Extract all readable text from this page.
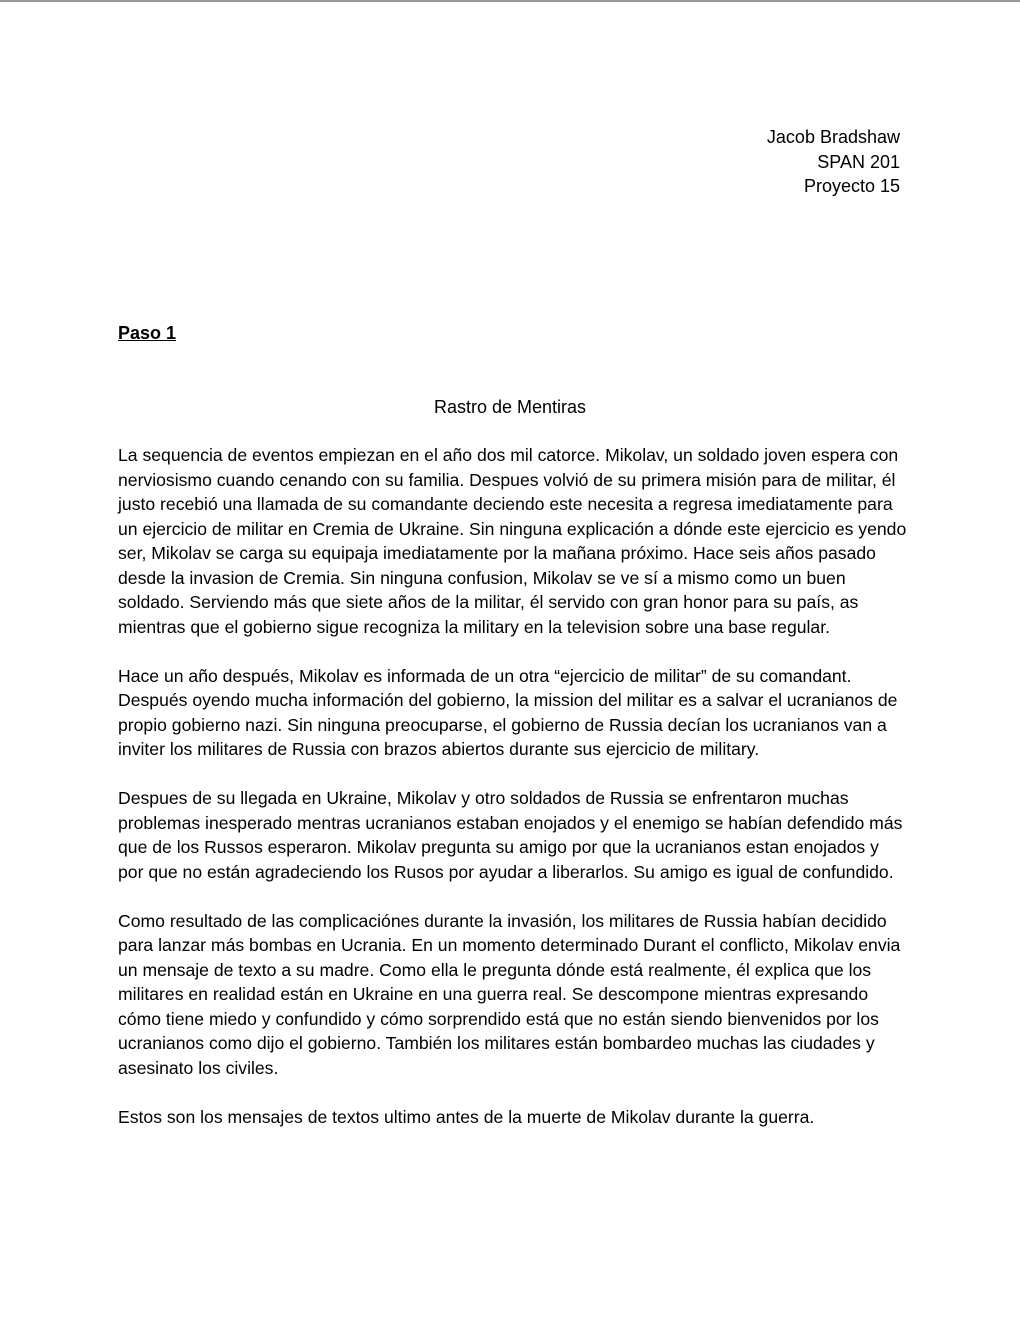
Jacob Bradshaw
SPAN 201
Proyecto 15
Paso 1
Rastro de Mentiras

La sequencia de eventos empiezan en el año dos mil catorce. Mikolav, un soldado joven espera con nerviosismo cuando cenando con su familia. Despues volvió de su primera misión para de militar, él justo recebió una llamada de su comandante deciendo este necesita a regresa imediatamente para un ejercicio de militar en Cremia de Ukraine. Sin ninguna explicación a dónde este ejercicio es yendo ser, Mikolav se carga su equipaja imediatamente por la mañana próximo. Hace seis años pasado desde la invasion de Cremia. Sin ninguna confusion, Mikolav se ve sí a mismo como un buen soldado. Serviendo más que siete años de la militar, él servido con gran honor para su país, as mientras que el gobierno sigue recogniza la military en la television sobre una base regular.

Hace un año después, Mikolav es informada de un otra “ejercicio de militar” de su comandant. Después oyendo mucha información del gobierno, la mission del militar es a salvar el ucranianos de propio gobierno nazi. Sin ninguna preocuparse, el gobierno de Russia decían los ucranianos van a inviter los militares de Russia con brazos abiertos durante sus ejercicio de military.

Despues de su llegada en Ukraine, Mikolav y otro soldados de Russia se enfrentaron muchas problemas inesperado mentras ucranianos estaban enojados y el enemigo se habían defendido más que de los Russos esperaron. Mikolav pregunta su amigo por que la ucranianos estan enojados y por que no están agradeciendo los Rusos por ayudar a liberarlos. Su amigo es igual de confundido.

Como resultado de las complicaciónes durante la invasión, los militares de Russia habían decidido para lanzar más bombas en Ucrania. En un momento determinado Durant el conflicto, Mikolav envia un mensaje de texto a su madre. Como ella le pregunta dónde está realmente, él explica que los militares en realidad están en Ukraine en una guerra real. Se descompone mientras expresando cómo tiene miedo y confundido y cómo sorprendido está que no están siendo bienvenidos por los ucranianos como dijo el gobierno. También los militares están bombardeo muchas las ciudades y asesinato los civiles.

Estos son los mensajes de textos ultimo antes de la muerte de Mikolav durante la guerra.
